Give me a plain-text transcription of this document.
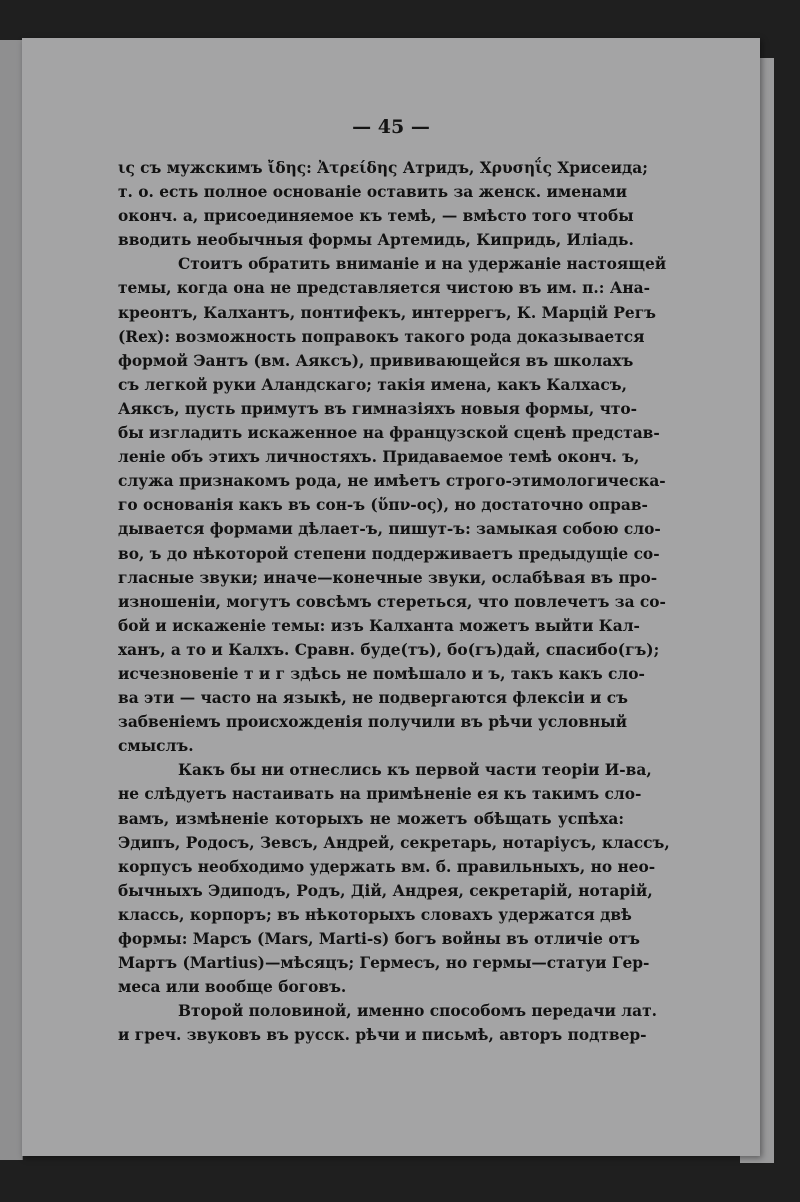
— 45 —
ις съ мужскимъ ἴδης: Ἀτρείδης Атридъ, Χρυσηΐς Хрисеида;
т. о. есть полное основаніе оставить за женск. именами
оконч. а, присоединяемое къ темѣ, — вмѣсто того чтобы
вводить необычныя формы Артемидь, Кипридь, Иліадь.
Стоитъ обратить вниманіе и на удержаніе настоящей
темы, когда она не представляется чистою въ им. п.: Ана-
креонтъ, Калхантъ, понтифекъ, интеррегъ, К. Марцій Регъ
(Rex): возможность поправокъ такого рода доказывается
формой Эантъ (вм. Аяксъ), прививающейся въ школахъ
съ легкой руки Аландскаго; такія имена, какъ Калхасъ,
Аяксъ, пусть примутъ въ гимназіяхъ новыя формы, что-
бы изгладить искаженное на французской сценѣ представ-
леніе объ этихъ личностяхъ. Придаваемое темѣ оконч. ъ,
служа признакомъ рода, не имѣетъ строго-этимологическа-
го основанія какъ въ сон-ъ (ὕπν-ος), но достаточно оправ-
дывается формами дѣлает-ъ, пишут-ъ: замыкая собою сло-
во, ъ до нѣкоторой степени поддерживаетъ предыдущіе со-
гласные звуки; иначе—конечные звуки, ослабѣвая въ про-
изношеніи, могутъ совсѣмъ стереться, что повлечетъ за со-
бой и искаженіе темы: изъ Калханта можетъ выйти Кал-
ханъ, а то и Калхъ. Сравн. буде(тъ), бо(гъ)дай, спасибо(гъ);
исчезновеніе т и г здѣсь не помѣшало и ъ, такъ какъ сло-
ва эти — часто на языкѣ, не подвергаются флексіи и съ
забвеніемъ происхожденія получили въ рѣчи условный
смыслъ.
Какъ бы ни отнеслись къ первой части теоріи И-ва,
не слѣдуетъ настаивать на примѣненіе ея къ такимъ сло-
вамъ, измѣненіе которыхъ не можетъ обѣщать успѣха:
Эдипъ, Родосъ, Зевсъ, Андрей, секретарь, нотаріусъ, классъ,
корпусъ необходимо удержать вм. б. правильныхъ, но нео-
бычныхъ Эдиподъ, Родъ, Дій, Андрея, секретарій, нотарій,
классь, корпоръ; въ нѣкоторыхъ словахъ удержатся двѣ
формы: Марсъ (Mars, Marti-s) богъ войны въ отличіе отъ
Мартъ (Martius)—мѣсяцъ; Гермесъ, но гермы—статуи Гер-
меса или вообще боговъ.
Второй половиной, именно способомъ передачи лат.
и греч. звуковъ въ русск. рѣчи и письмѣ, авторъ подтвер-
